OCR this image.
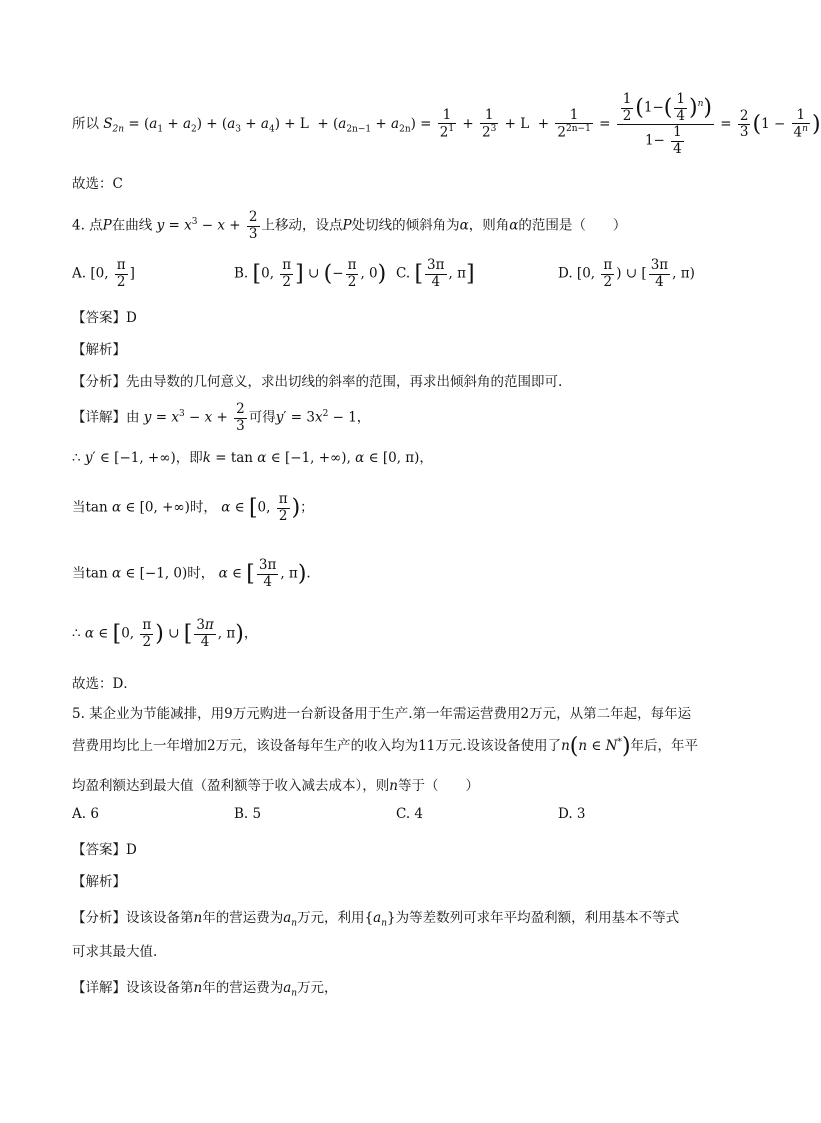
所以 $S_{2n} = (a_1 + a_2) + (a_3 + a_4) + L + (a_{2n-1} + a_{2n}) = \frac{1}{2^1} + \frac{1}{2^3} + L + \frac{1}{2^{2n-1}} = \frac{\frac{1}{2} (1-( \frac{1}{4} )^n)}{1- \frac{1}{4}} = \frac{2}{3} (1 - \frac{1}{4^n}$ )
故选：C
4. 点P在曲线 $y = x^3 - x + \frac{2}{3}$ 上移动，设点P处切线的倾斜角为α，则角α的范围是（　　）
A. [0, $\frac{\pi}{2}$ ]	B. [0, $\frac{\pi}{2}$ ] ∪ (− $\frac{\pi}{2}$ , 0) C. [ $\frac{3\pi}{4}$ , π]	D. [0, $\frac{\pi}{2}$ ) ∪ [ $\frac{3\pi}{4}$ , π)
【答案】D
【解析】
【分析】先由导数的几何意义，求出切线的斜率的范围，再求出倾斜角的范围即可.
【详解】由 $y = x^3 - x + \frac{2}{3}$ 可得$y' = 3x^2 - 1$，
∴ y′ ∈ [−1, +∞)，即k = tan α ∈ [−1, +∞), α ∈ [0, π)，
当tan α ∈ [0, +∞)时， α ∈ [0, $\frac{\pi}{2}$ )；
当tan α ∈ [−1, 0)时， α ∈ [ $\frac{3\pi}{4}$ , π).
∴ α ∈ [0, $\frac{\pi}{2}$ ) ∪ [ $\frac{3\pi}{4}$ , π)，
故选：D．
5. 某企业为节能减排，用9万元购进一台新设备用于生产.第一年需运营费用2万元，从第二年起，每年运
营费用均比上一年增加2万元，该设备每年生产的收入均为11万元.设该设备使用了n(n ∈ N*)年后，年平
均盈利额达到最大值（盈利额等于收入减去成本），则n等于（　　）
A. 6	B. 5	C. 4	D. 3
【答案】D
【解析】
【分析】设该设备第n年的营运费为$a_n$万元，利用$\{a_n\}$为等差数列可求年平均盈利额，利用基本不等式
可求其最大值.
【详解】设该设备第n年的营运费为$a_n$万元，
